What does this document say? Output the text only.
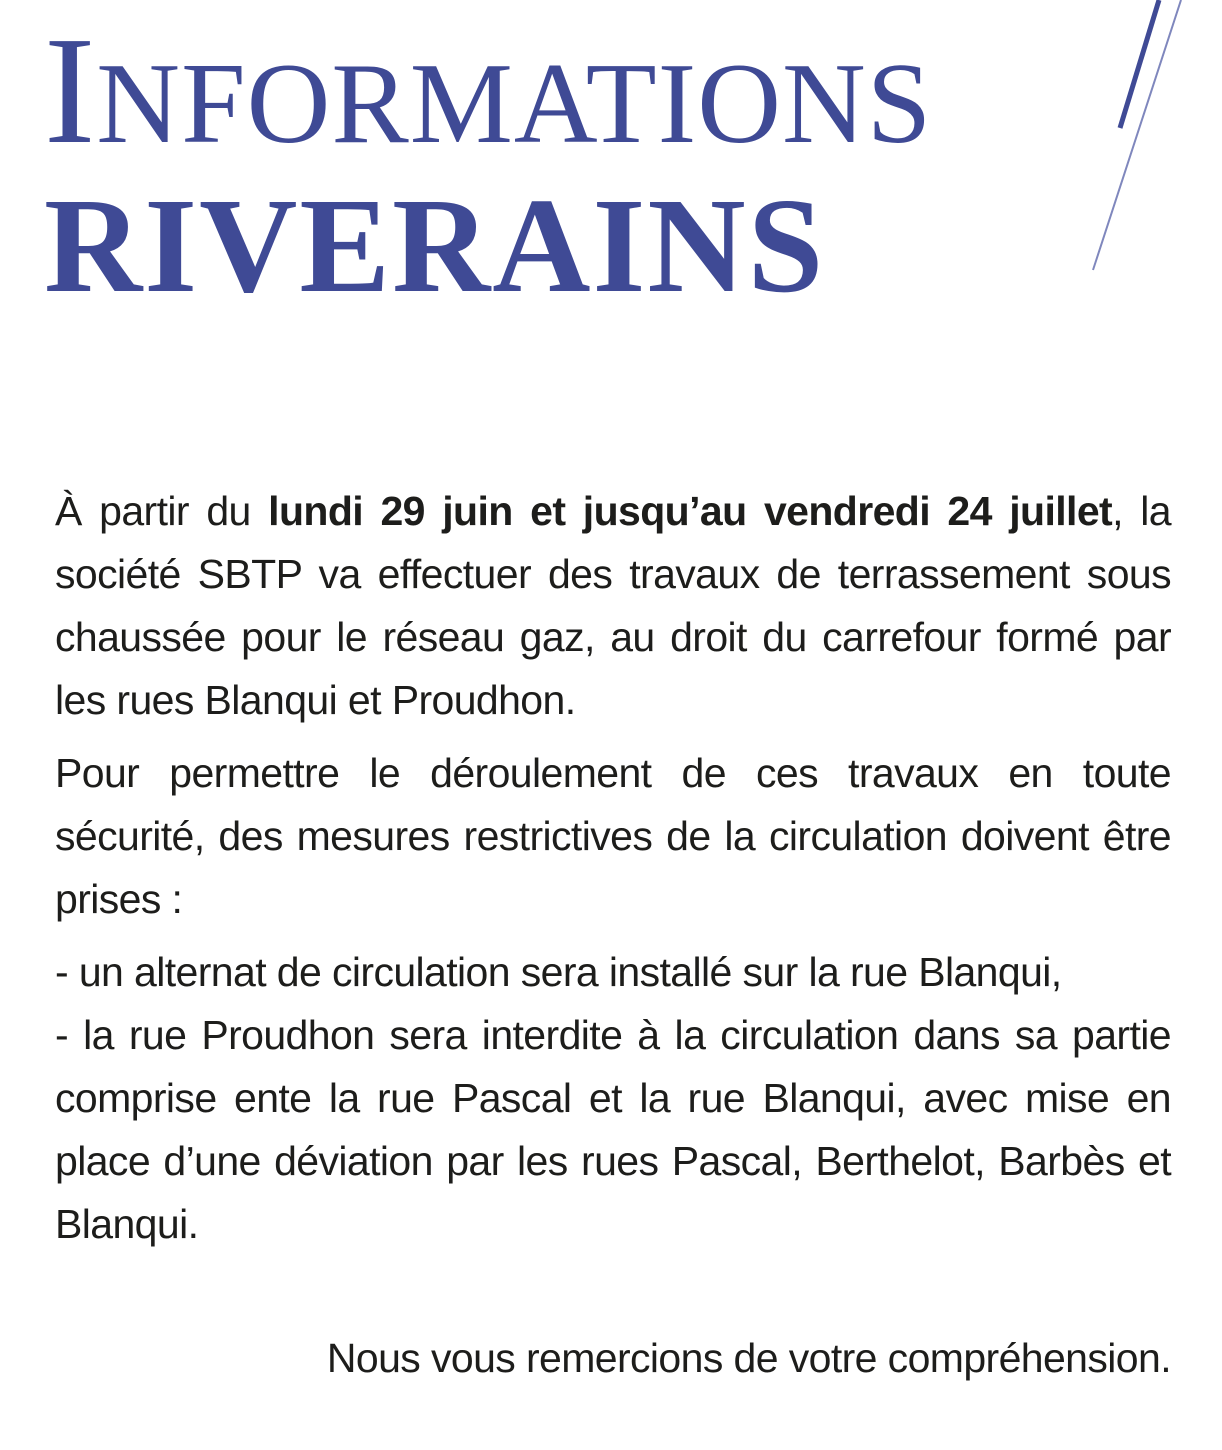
INFORMATIONS
RIVERAINS

À partir du lundi 29 juin et jusqu’au vendredi 24 juillet, la société SBTP va effectuer des travaux de terrassement sous chaussée pour le réseau gaz, au droit du carrefour formé par les rues Blanqui et Proudhon.

Pour permettre le déroulement de ces travaux en toute sécurité, des mesures restrictives de la circulation doivent être prises :

- un alternat de circulation sera installé sur la rue Blanqui,
- la rue Proudhon sera interdite à la circulation dans sa partie comprise ente la rue Pascal et la rue Blanqui, avec mise en place d’une déviation par les rues Pascal, Berthelot, Barbès et Blanqui.

Nous vous remercions de votre compréhension.
